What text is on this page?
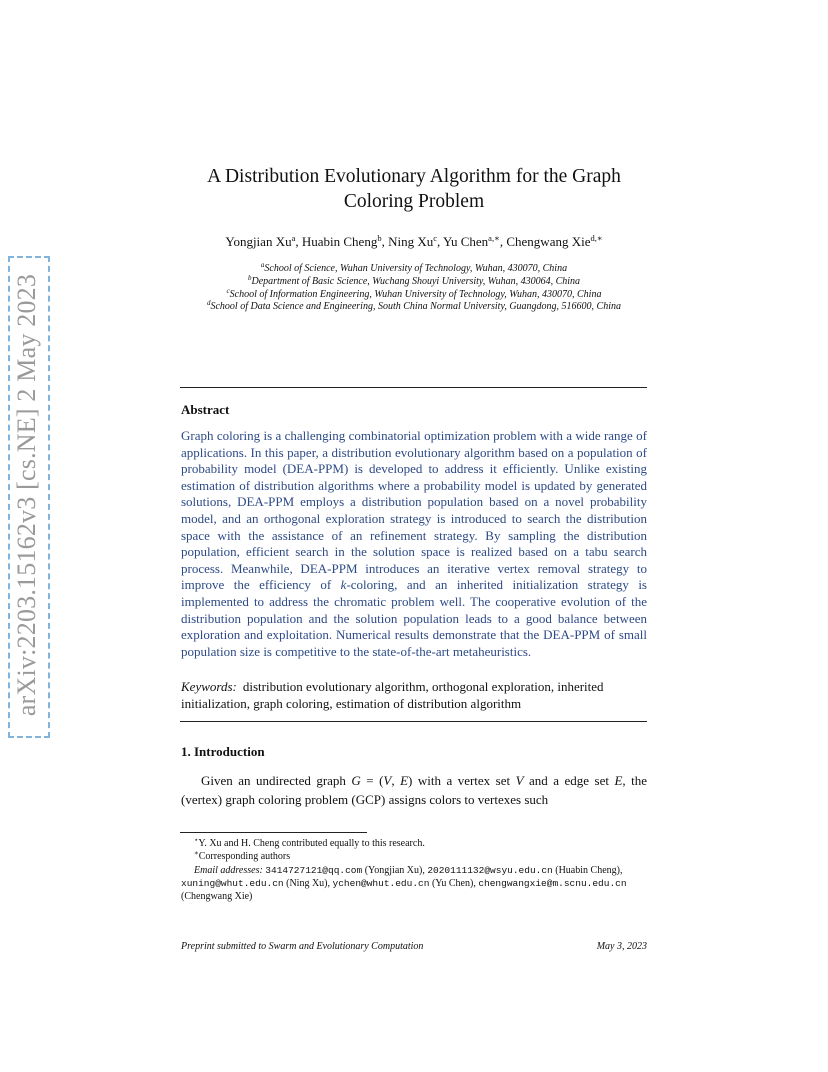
arXiv:2203.15162v3 [cs.NE] 2 May 2023
A Distribution Evolutionary Algorithm for the Graph
Coloring Problem
Yongjian Xu$^a$, Huabin Cheng$^b$, Ning Xu$^c$, Yu Chen$^{a,∗}$, Chengwang Xie$^{d,∗}$
$^a$School of Science, Wuhan University of Technology, Wuhan, 430070, China
$^b$Department of Basic Science, Wuchang Shouyi University, Wuhan, 430064, China
$^c$School of Information Engineering, Wuhan University of Technology, Wuhan, 430070, China
$^d$School of Data Science and Engineering, South China Normal University, Guangdong, 516600, China
Abstract
Graph coloring is a challenging combinatorial optimization problem with a wide range of applications. In this paper, a distribution evolutionary algorithm based on a population of probability model (DEA-PPM) is developed to address it efficiently. Unlike existing estimation of distribution algorithms where a probability model is updated by generated solutions, DEA-PPM employs a distribution population based on a novel probability model, and an orthogonal exploration strategy is introduced to search the distribution space with the assistance of an refinement strategy. By sampling the distribution population, efficient search in the solution space is realized based on a tabu search process. Meanwhile, DEA-PPM introduces an iterative vertex removal strategy to improve the efficiency of k-coloring, and an inherited initialization strategy is implemented to address the chromatic problem well. The cooperative evolution of the distribution population and the solution population leads to a good balance between exploration and exploitation. Numerical results demonstrate that the DEA-PPM of small population size is competitive to the state-of-the-art metaheuristics.
Keywords: distribution evolutionary algorithm, orthogonal exploration, inherited initialization, graph coloring, estimation of distribution algorithm
1. Introduction
Given an undirected graph G = (V, E) with a vertex set V and a edge set E, the (vertex) graph coloring problem (GCP) assigns colors to vertexes such
⋆Y. Xu and H. Cheng contributed equally to this research.
∗Corresponding authors
Email addresses: 3414727121@qq.com (Yongjian Xu), 2020111132@wsyu.edu.cn (Huabin Cheng), xuning@whut.edu.cn (Ning Xu), ychen@whut.edu.cn (Yu Chen), chengwangxie@m.scnu.edu.cn (Chengwang Xie)
Preprint submitted to Swarm and Evolutionary Computation	May 3, 2023
